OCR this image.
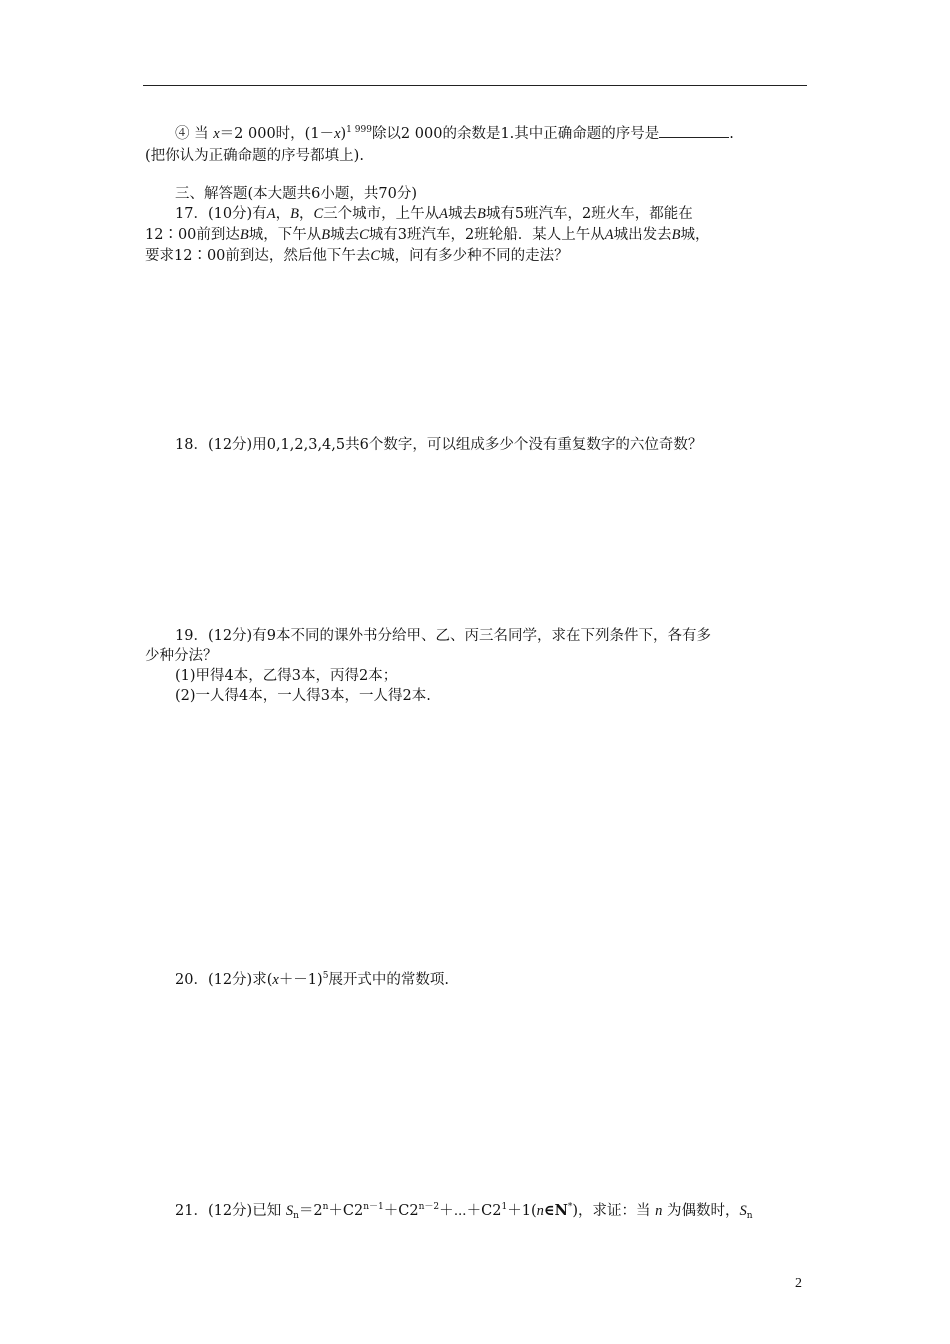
④ 当 x＝2 000时，$(1-x)^{1 999}$除以2 000的余数是1.其中正确命题的序号是	.
(把你认为正确命题的序号都填上).
三、解答题(本大题共6小题，共70分)
17．(10分)有A，B，C三个城市，上午从A城去B城有5班汽车，2班火车，都能在
12∶00前到达B城，下午从B城去C城有3班汽车，2班轮船．某人上午从A城出发去B城，
要求12∶00前到达，然后他下午去C城，问有多少种不同的走法？
18．(12分)用0,1,2,3,4,5共6个数字，可以组成多少个没有重复数字的六位奇数？
19．(12分)有9本不同的课外书分给甲、乙、丙三名同学，求在下列条件下，各有多
少种分法？
(1)甲得4本，乙得3本，丙得2本；
(2)一人得4本，一人得3本，一人得2本.
20．(12分)求$(x+-1)^5$展开式中的常数项.
21．(12分)已知 $S_n=2^n+C2^{n-1}+C2^{n-2}+\cdots+C2^1+1(n\in N^*)$，求证：当 n 为偶数时，$S_n$
2
